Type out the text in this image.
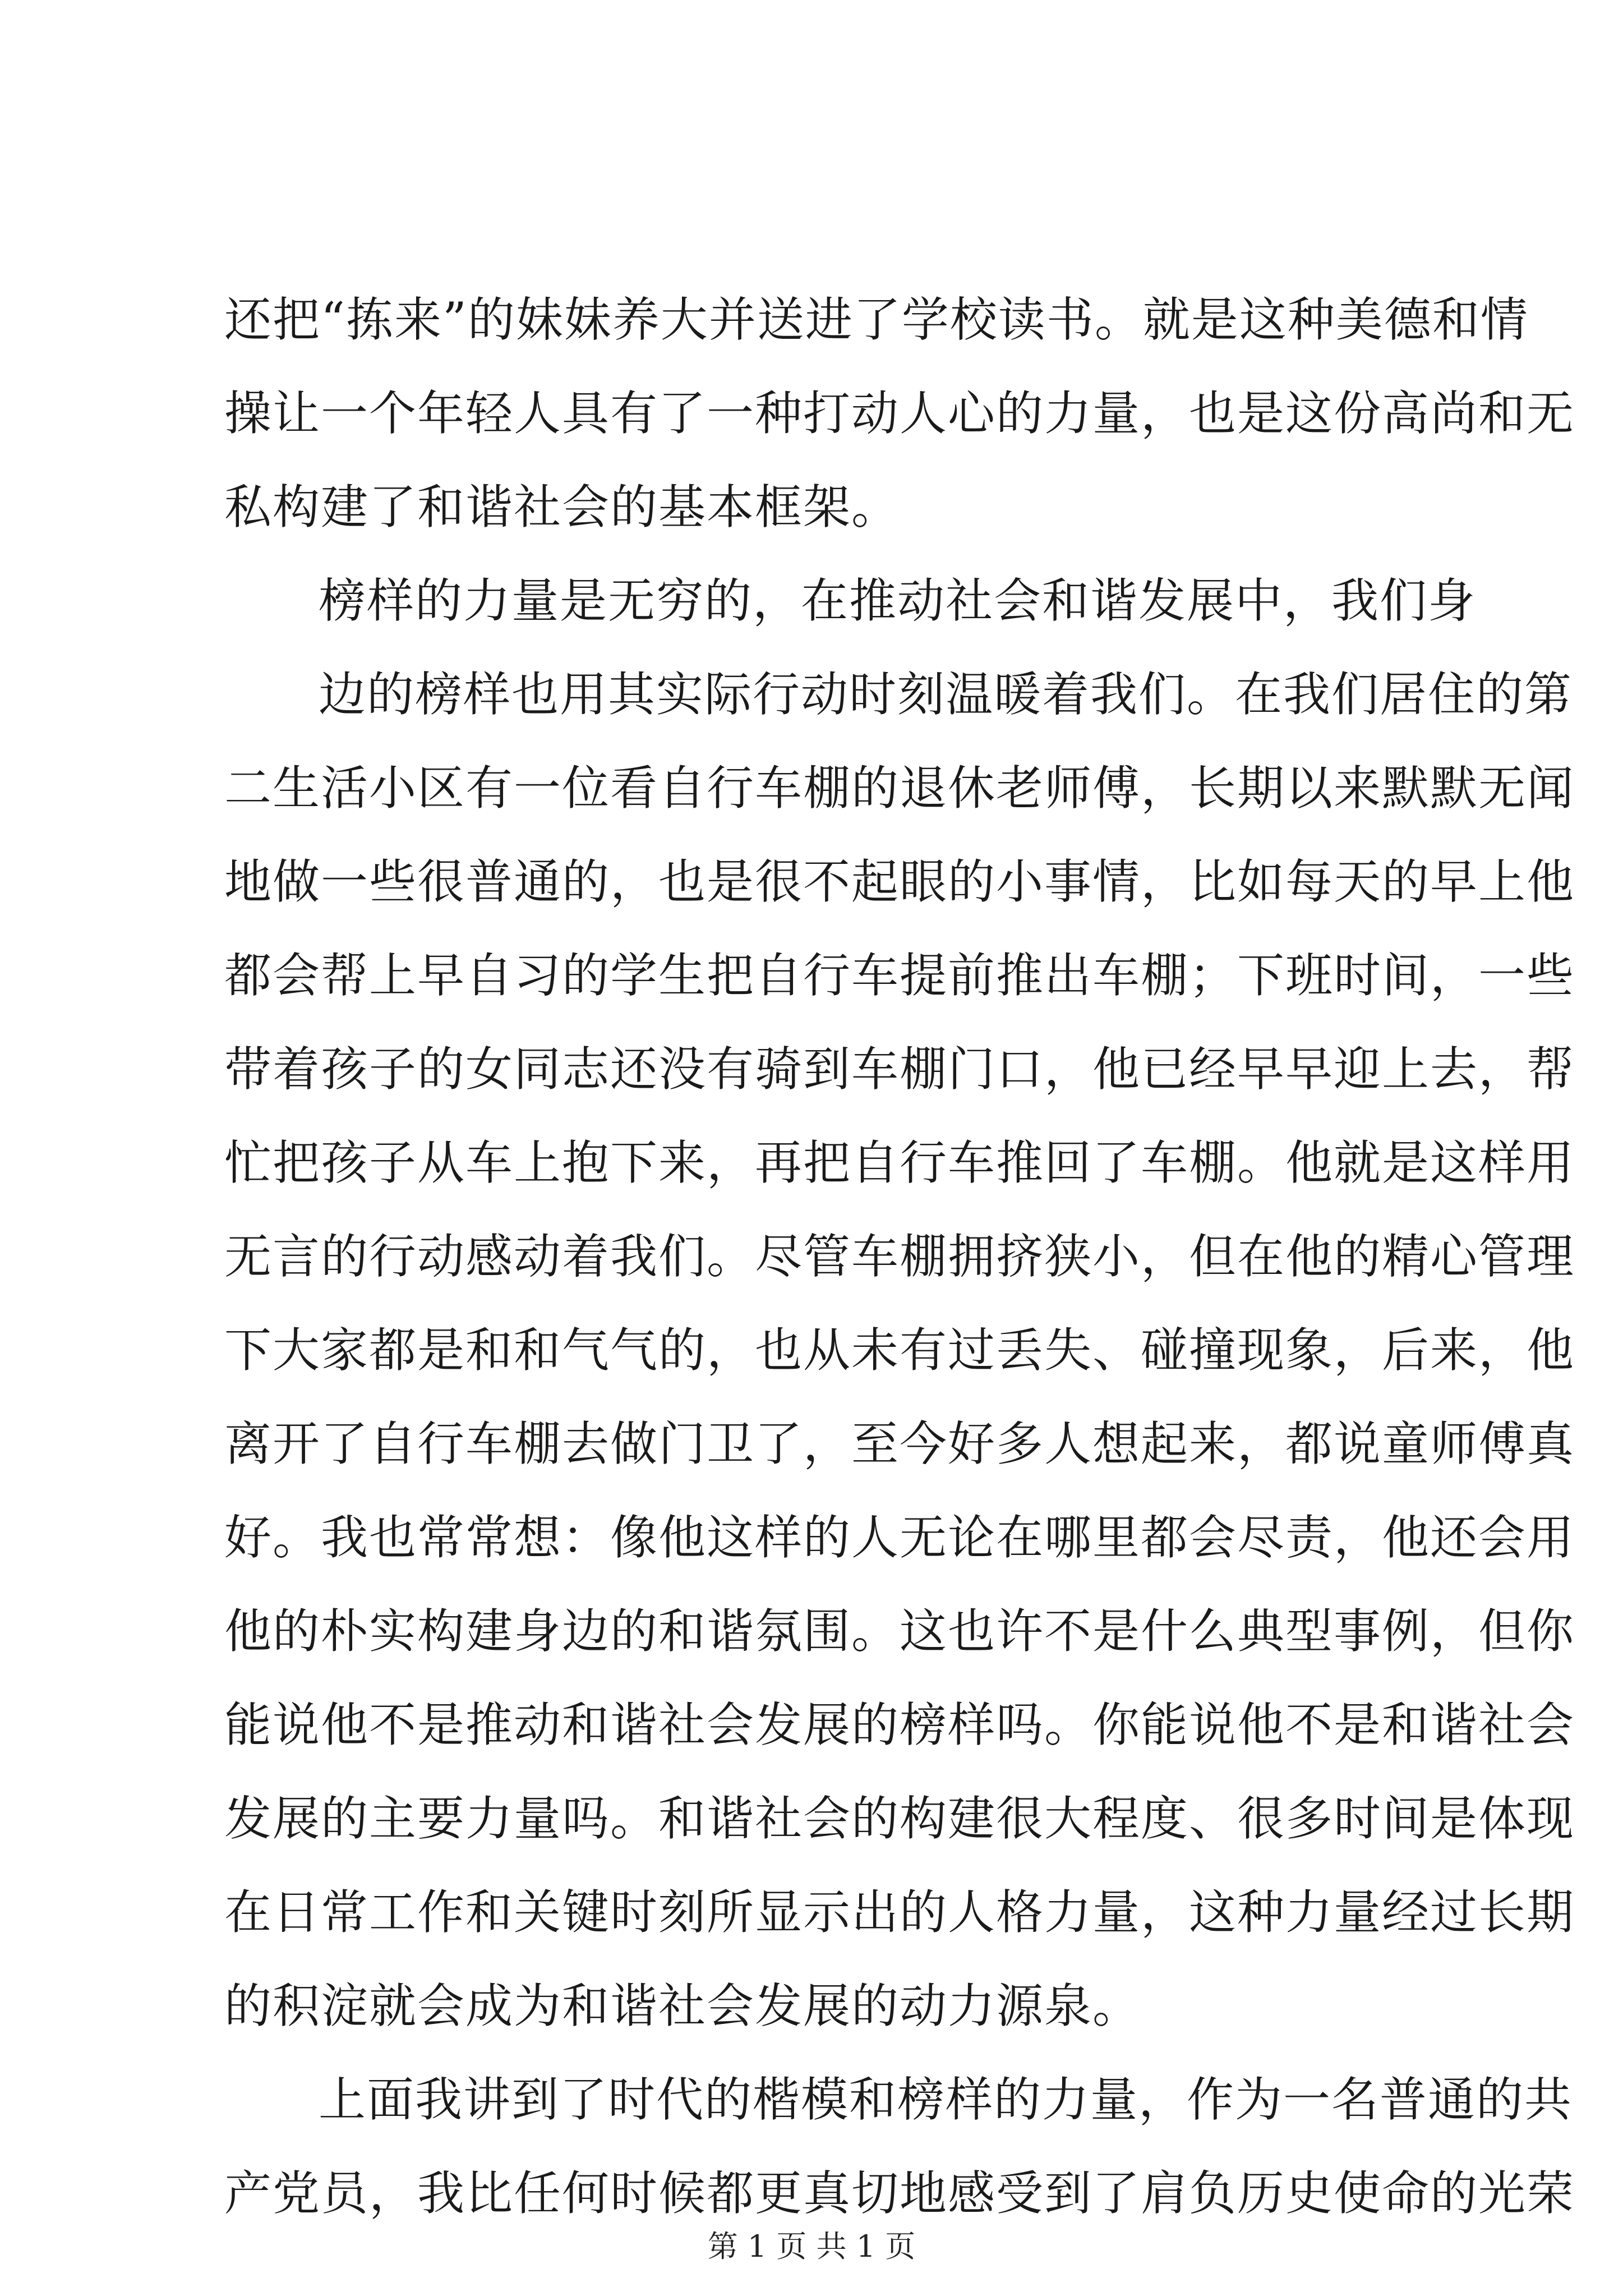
还把“拣来”的妹妹养大并送进了学校读书。就是这种美德和情
操让一个年轻人具有了一种打动人心的力量，也是这份高尚和无
私构建了和谐社会的基本框架。
榜样的力量是无穷的，在推动社会和谐发展中，我们身
边的榜样也用其实际行动时刻温暖着我们。在我们居住的第
二生活小区有一位看自行车棚的退休老师傅，长期以来默默无闻
地做一些很普通的，也是很不起眼的小事情，比如每天的早上他
都会帮上早自习的学生把自行车提前推出车棚；下班时间，一些
带着孩子的女同志还没有骑到车棚门口，他已经早早迎上去，帮
忙把孩子从车上抱下来，再把自行车推回了车棚。他就是这样用
无言的行动感动着我们。尽管车棚拥挤狭小，但在他的精心管理
下大家都是和和气气的，也从未有过丢失、碰撞现象，后来，他
离开了自行车棚去做门卫了，至今好多人想起来，都说童师傅真
好。我也常常想：像他这样的人无论在哪里都会尽责，他还会用
他的朴实构建身边的和谐氛围。这也许不是什么典型事例，但你
能说他不是推动和谐社会发展的榜样吗。你能说他不是和谐社会
发展的主要力量吗。和谐社会的构建很大程度、很多时间是体现
在日常工作和关键时刻所显示出的人格力量，这种力量经过长期
的积淀就会成为和谐社会发展的动力源泉。
上面我讲到了时代的楷模和榜样的力量，作为一名普通的共
产党员，我比任何时候都更真切地感受到了肩负历史使命的光荣
第 1 页 共 1 页
